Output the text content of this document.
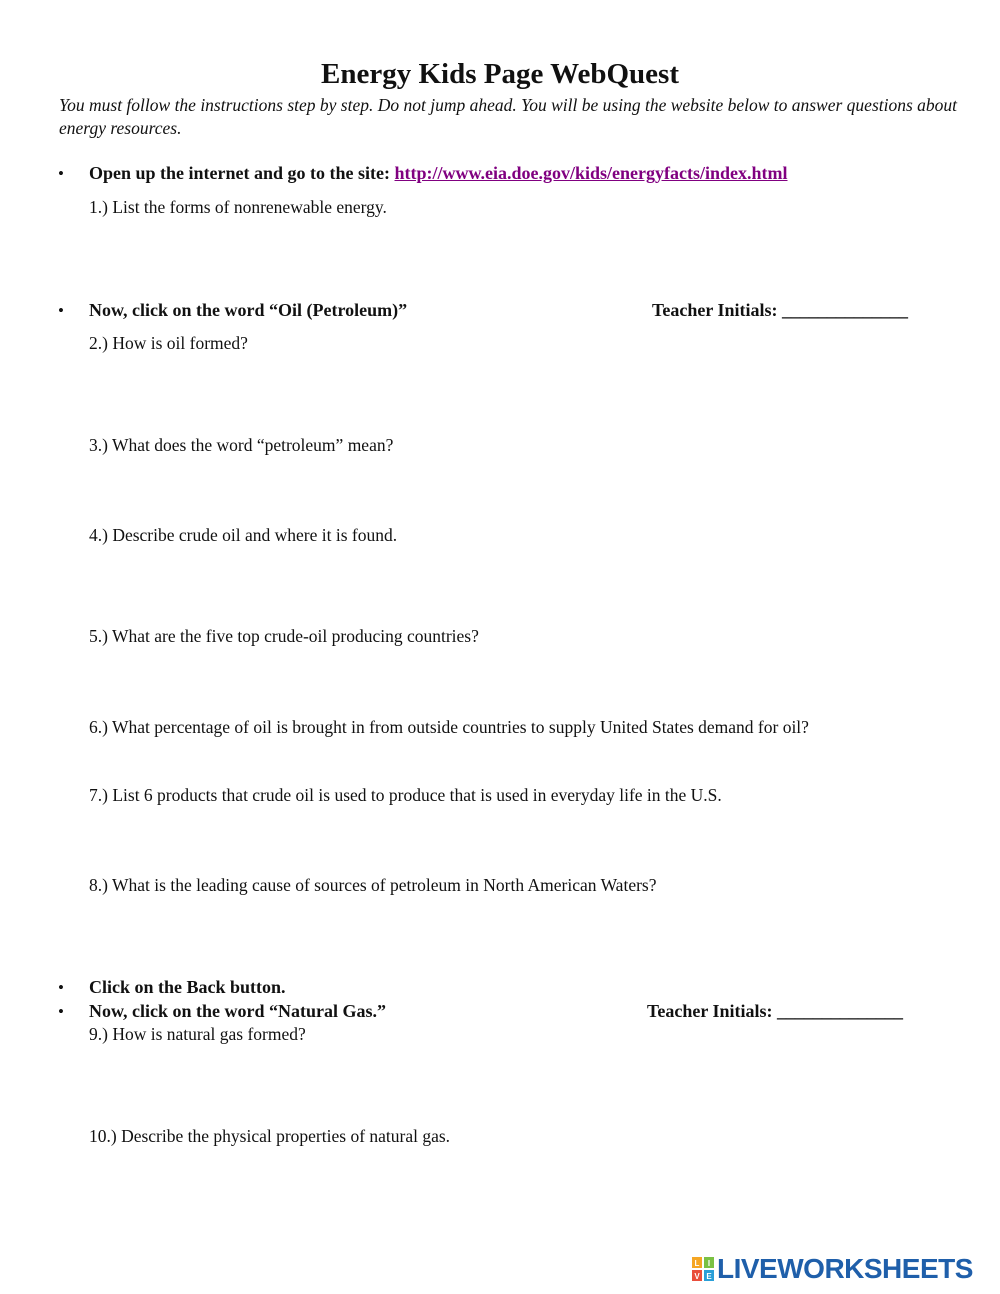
Energy Kids Page WebQuest
You must follow the instructions step by step. Do not jump ahead. You will be using the website below to answer questions about energy resources.
• Open up the internet and go to the site: http://www.eia.doe.gov/kids/energyfacts/index.html
1.) List the forms of nonrenewable energy.
• Now, click on the word “Oil (Petroleum)”	Teacher Initials: ______________
2.) How is oil formed?
3.) What does the word “petroleum” mean?
4.) Describe crude oil and where it is found.
5.) What are the five top crude-oil producing countries?
6.) What percentage of oil is brought in from outside countries to supply United States demand for oil?
7.) List 6 products that crude oil is used to produce that is used in everyday life in the U.S.
8.) What is the leading cause of sources of petroleum in North American Waters?
• Click on the Back button.
• Now, click on the word “Natural Gas.”	Teacher Initials: ______________
9.) How is natural gas formed?
10.) Describe the physical properties of natural gas.
L I
V E LIVEWORKSHEETS
